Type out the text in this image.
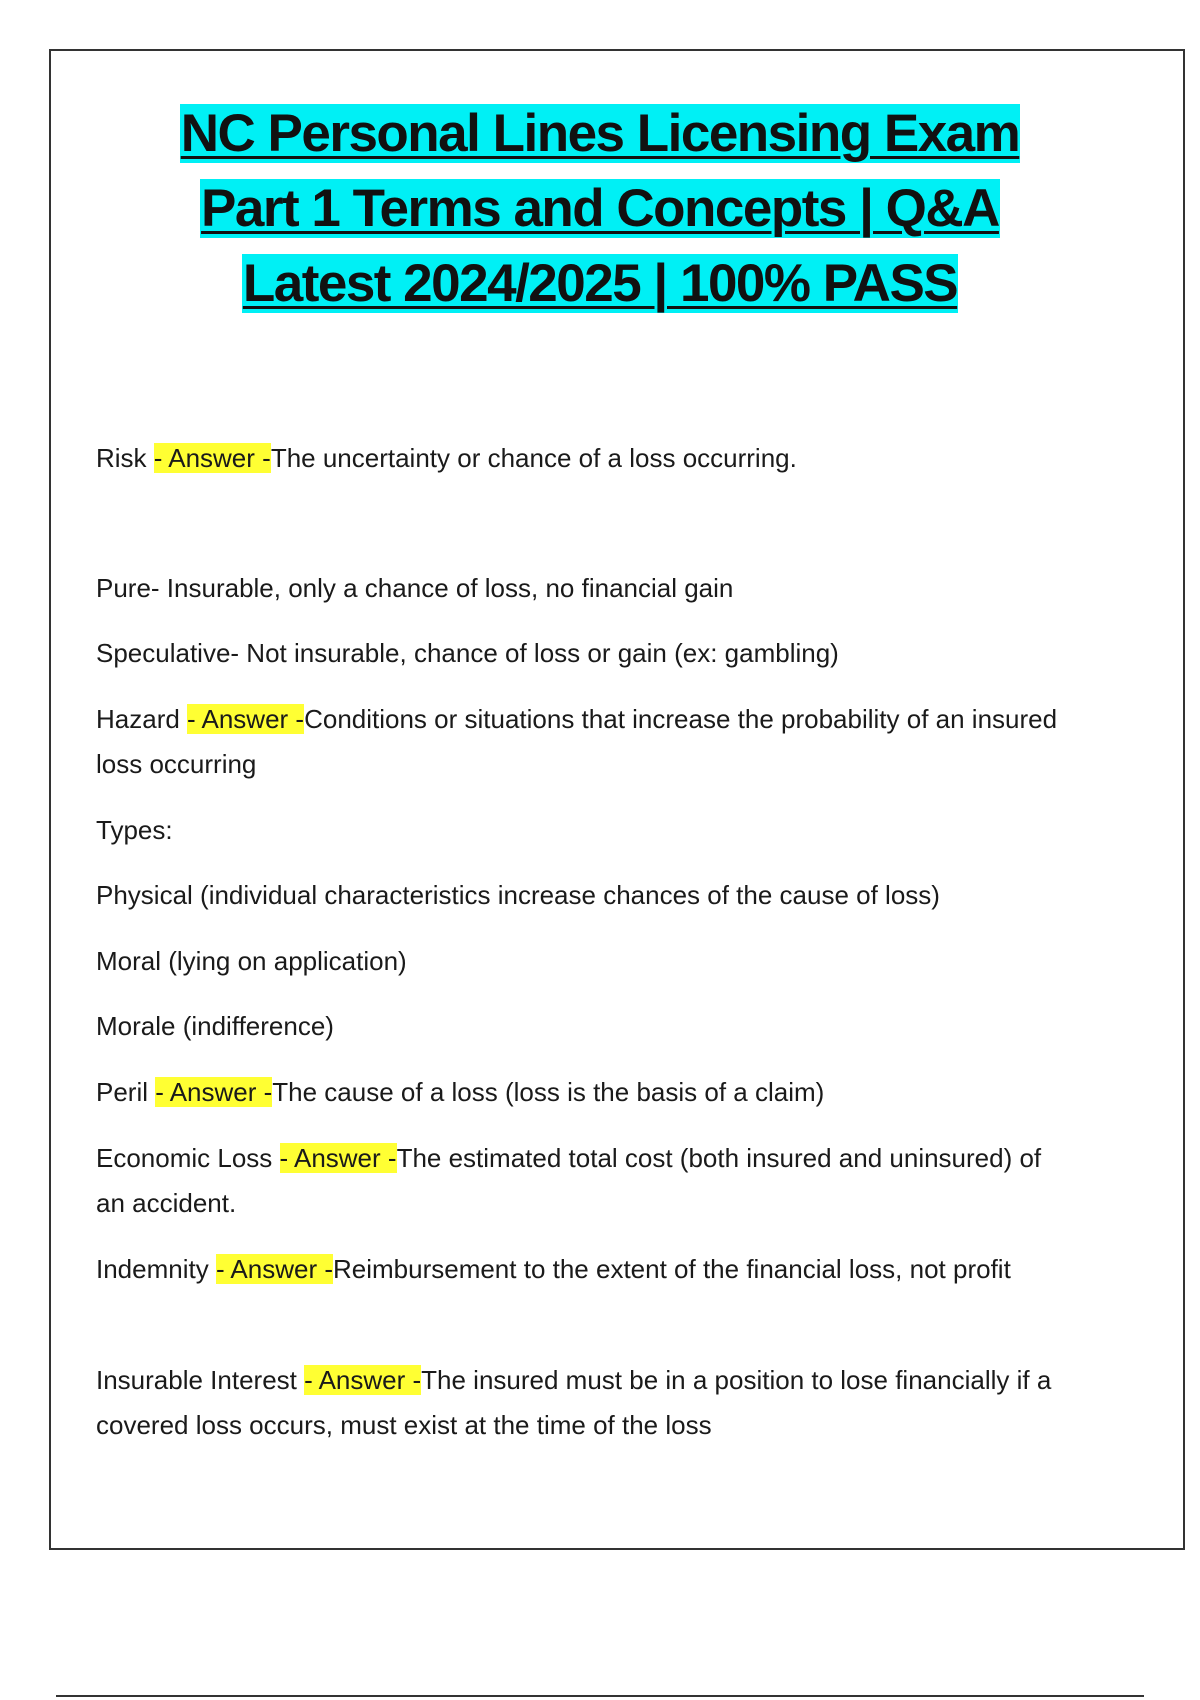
NC Personal Lines Licensing Exam
Part 1 Terms and Concepts | Q&A
Latest 2024/2025 | 100% PASS

Risk - Answer -The uncertainty or chance of a loss occurring.

Pure- Insurable, only a chance of loss, no financial gain

Speculative- Not insurable, chance of loss or gain (ex: gambling)

Hazard - Answer -Conditions or situations that increase the probability of an insured loss occurring

Types:

Physical (individual characteristics increase chances of the cause of loss)

Moral (lying on application)

Morale (indifference)

Peril - Answer -The cause of a loss (loss is the basis of a claim)

Economic Loss - Answer -The estimated total cost (both insured and uninsured) of an accident.

Indemnity - Answer -Reimbursement to the extent of the financial loss, not profit

Insurable Interest - Answer -The insured must be in a position to lose financially if a covered loss occurs, must exist at the time of the loss
